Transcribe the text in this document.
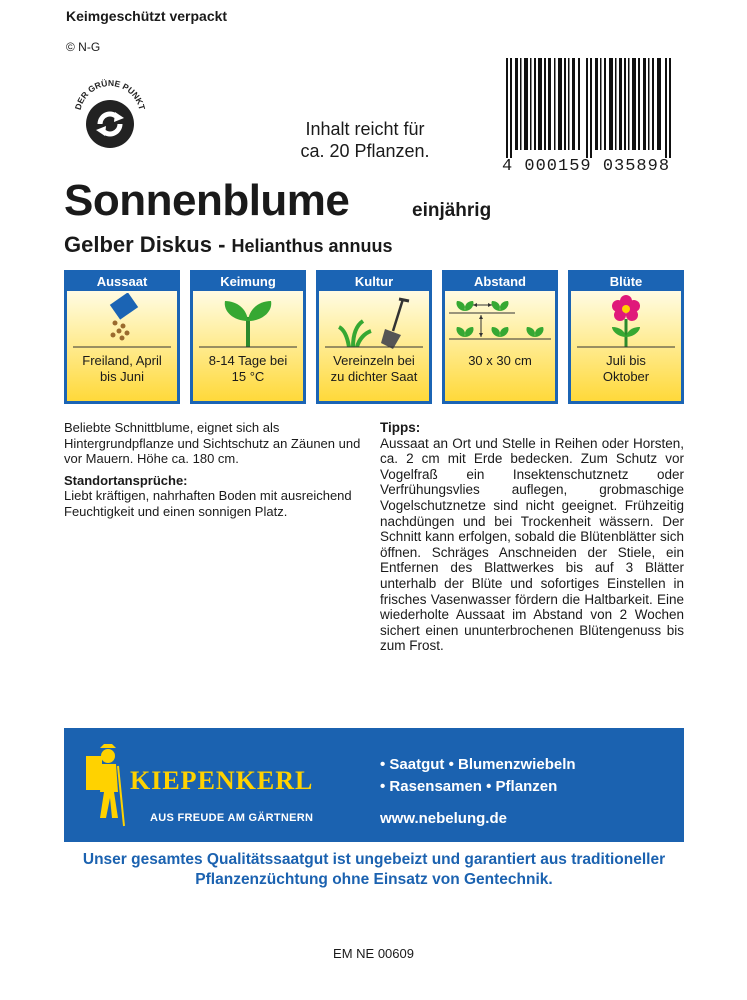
Keimgeschützt verpackt
© N-G
DER GRÜNE PUNKT
Inhalt reicht für
ca. 20 Pflanzen.
4 000159 035898
Sonnenblume	einjährig
Gelber Diskus - Helianthus annuus
Aussaat
Freiland, April
bis Juni
Keimung
8-14 Tage bei
15 °C
Kultur
Vereinzeln bei
zu dichter Saat
Abstand
30 x 30 cm
Blüte
Juli bis
Oktober

Beliebte Schnittblume, eignet sich als Hintergrundpflanze und Sichtschutz an Zäunen und vor Mauern. Höhe ca. 180 cm.

Standortansprüche:

Liebt kräftigen, nahrhaften Boden mit ausreichend Feuchtigkeit und einen sonnigen Platz.

Tipps:
Aussaat an Ort und Stelle in Reihen oder Horsten, ca. 2 cm mit Erde bedecken. Zum Schutz vor Vogelfraß ein Insektenschutznetz oder Verfrühungsvlies auflegen, grobmaschige Vogelschutznetze sind nicht geeignet. Frühzeitig nachdüngen und bei Trockenheit wässern. Der Schnitt kann erfolgen, sobald die Blütenblätter sich öffnen. Schräges Anschneiden der Stiele, ein Entfernen des Blattwerkes bis auf 3 Blätter unterhalb der Blüte und sofortiges Einstellen in frisches Vasenwasser fördern die Haltbarkeit. Eine wiederholte Aussaat im Abstand von 2 Wochen sichert einen ununterbrochenen Blütengenuss bis zum Frost.
KIEPENKERL
AUS FREUDE AM GÄRTNERN
• Saatgut • Blumenzwiebeln
• Rasensamen • Pflanzen
www.nebelung.de
Unser gesamtes Qualitätssaatgut ist ungebeizt und garantiert aus traditioneller Pflanzenzüchtung ohne Einsatz von Gentechnik.
EM NE 00609
